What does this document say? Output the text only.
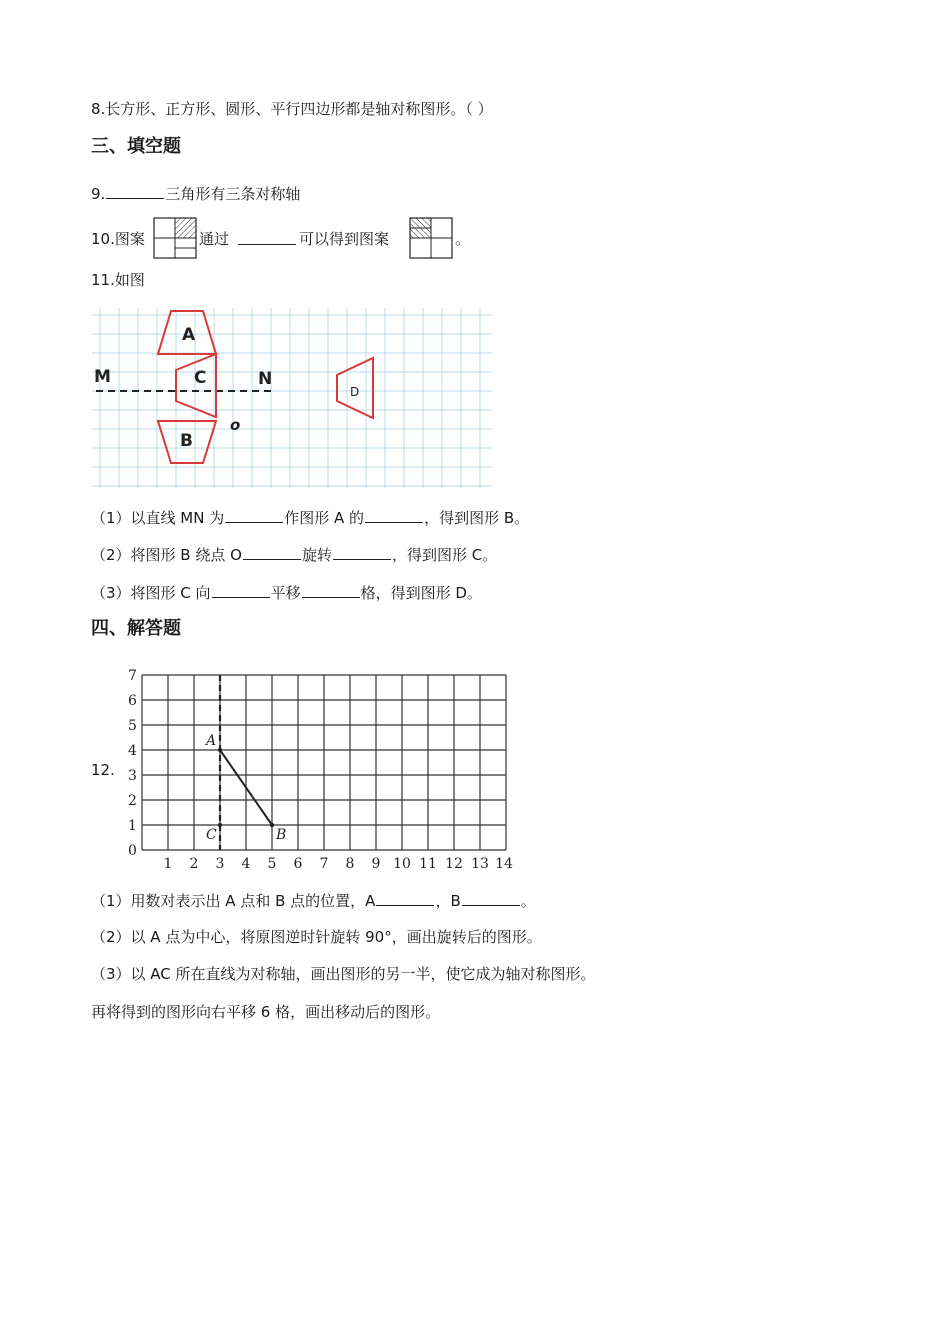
8.长方形、正方形、圆形、平行四边形都是轴对称图形。（ ）
三、填空题
9.	三角形有三条对称轴
10.图案	通过	可以得到图案	。
11.如图
M	N
A
C
B
o
D
（1）以直线 MN 为	作图形 A 的	，得到图形 B。
（2）将图形 B 绕点 O	旋转	，得到图形 C。
（3）将图形 C 向	平移	格，得到图形 D。
四、解答题
12.
A
B
C
0
1
2
3
4
5
6
7
1 2 3 4 5 6 7 8 9 10 11 12 13 14
（1）用数对表示出 A 点和 B 点的位置，A	，B	。
（2）以 A 点为中心，将原图逆时针旋转 90°，画出旋转后的图形。
（3）以 AC 所在直线为对称轴，画出图形的另一半，使它成为轴对称图形。
再将得到的图形向右平移 6 格，画出移动后的图形。
